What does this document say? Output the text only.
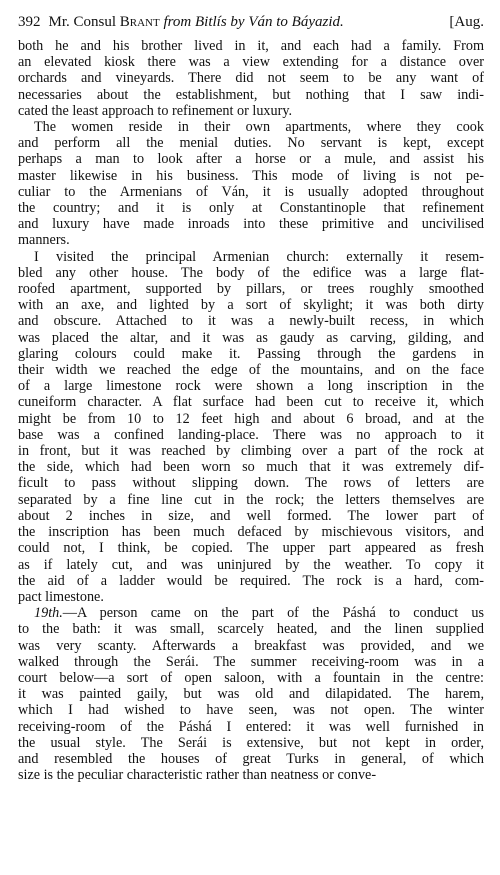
392 Mr. Consul Brant from Bitlís by Ván to Báyazid.	[Aug.
both he and his brother lived in it, and each had a family. From
an elevated kiosk there was a view extending for a distance over
orchards and vineyards. There did not seem to be any want of
necessaries about the establishment, but nothing that I saw indi-
cated the least approach to refinement or luxury.
The women reside in their own apartments, where they cook
and perform all the menial duties. No servant is kept, except
perhaps a man to look after a horse or a mule, and assist his
master likewise in his business. This mode of living is not pe-
culiar to the Armenians of Ván, it is usually adopted throughout
the country; and it is only at Constantinople that refinement
and luxury have made inroads into these primitive and uncivilised
manners.
I visited the principal Armenian church: externally it resem-
bled any other house. The body of the edifice was a large flat-
roofed apartment, supported by pillars, or trees roughly smoothed
with an axe, and lighted by a sort of skylight; it was both dirty
and obscure. Attached to it was a newly-built recess, in which
was placed the altar, and it was as gaudy as carving, gilding, and
glaring colours could make it. Passing through the gardens in
their width we reached the edge of the mountains, and on the face
of a large limestone rock were shown a long inscription in the
cuneiform character. A flat surface had been cut to receive it, which
might be from 10 to 12 feet high and about 6 broad, and at the
base was a confined landing-place. There was no approach to it
in front, but it was reached by climbing over a part of the rock at
the side, which had been worn so much that it was extremely dif-
ficult to pass without slipping down. The rows of letters are
separated by a fine line cut in the rock; the letters themselves are
about 2 inches in size, and well formed. The lower part of
the inscription has been much defaced by mischievous visitors, and
could not, I think, be copied. The upper part appeared as fresh
as if lately cut, and was uninjured by the weather. To copy it
the aid of a ladder would be required. The rock is a hard, com-
pact limestone.
19th.—A person came on the part of the Páshá to conduct us
to the bath: it was small, scarcely heated, and the linen supplied
was very scanty. Afterwards a breakfast was provided, and we
walked through the Serái. The summer receiving-room was in a
court below—a sort of open saloon, with a fountain in the centre:
it was painted gaily, but was old and dilapidated. The harem,
which I had wished to have seen, was not open. The winter
receiving-room of the Páshá I entered: it was well furnished in
the usual style. The Serái is extensive, but not kept in order,
and resembled the houses of great Turks in general, of which
size is the peculiar characteristic rather than neatness or conve-
